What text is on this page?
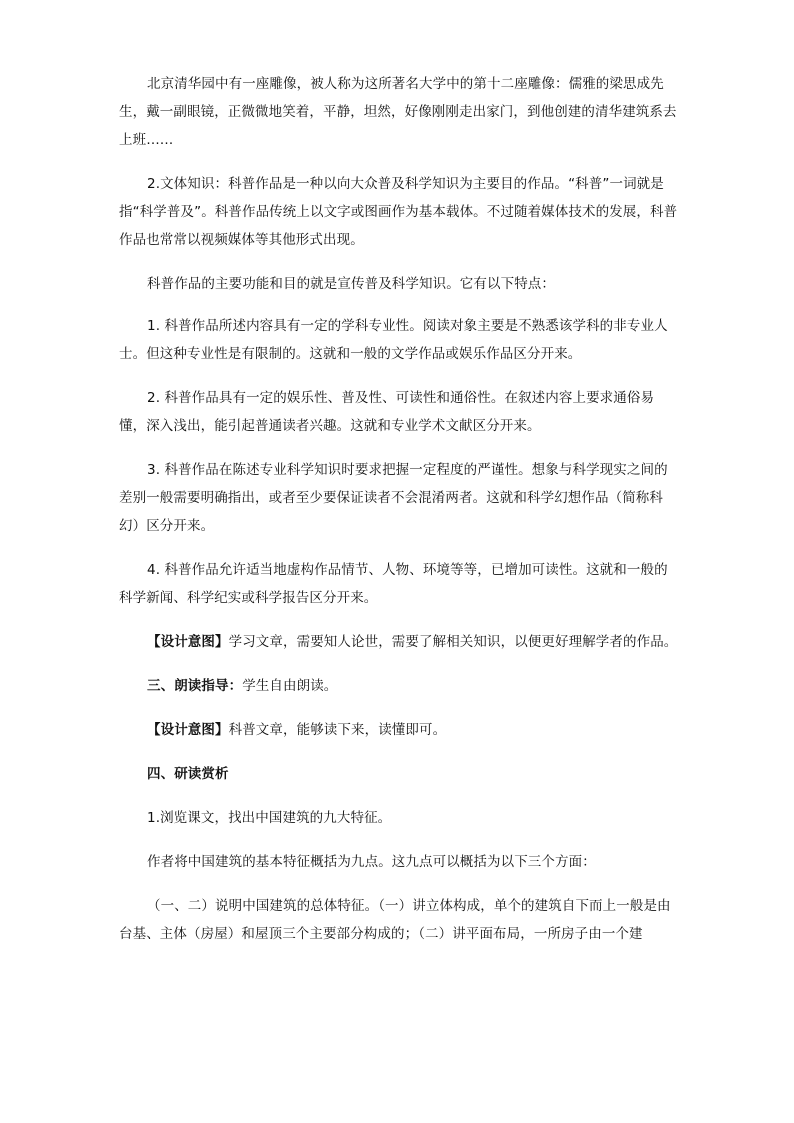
北京清华园中有一座雕像，被人称为这所著名大学中的第十二座雕像：儒雅的梁思成先生，戴一副眼镜，正微微地笑着，平静，坦然，好像刚刚走出家门，到他创建的清华建筑系去上班……

2.文体知识：科普作品是一种以向大众普及科学知识为主要目的作品。“科普”一词就是指“科学普及”。科普作品传统上以文字或图画作为基本载体。不过随着媒体技术的发展，科普作品也常常以视频媒体等其他形式出现。

科普作品的主要功能和目的就是宣传普及科学知识。它有以下特点：

1. 科普作品所述内容具有一定的学科专业性。阅读对象主要是不熟悉该学科的非专业人士。但这种专业性是有限制的。这就和一般的文学作品或娱乐作品区分开来。

2. 科普作品具有一定的娱乐性、普及性、可读性和通俗性。在叙述内容上要求通俗易懂，深入浅出，能引起普通读者兴趣。这就和专业学术文献区分开来。

3. 科普作品在陈述专业科学知识时要求把握一定程度的严谨性。想象与科学现实之间的差别一般需要明确指出，或者至少要保证读者不会混淆两者。这就和科学幻想作品（简称科幻）区分开来。

4. 科普作品允许适当地虚构作品情节、人物、环境等等，已增加可读性。这就和一般的科学新闻、科学纪实或科学报告区分开来。

【设计意图】学习文章，需要知人论世，需要了解相关知识，以便更好理解学者的作品。

三、朗读指导：学生自由朗读。

【设计意图】科普文章，能够读下来，读懂即可。

四、研读赏析

1.浏览课文，找出中国建筑的九大特征。

作者将中国建筑的基本特征概括为九点。这九点可以概括为以下三个方面：

（一、二）说明中国建筑的总体特征。（一）讲立体构成，单个的建筑自下而上一般是由台基、主体（房屋）和屋顶三个主要部分构成的；（二）讲平面布局，一所房子由一个建
